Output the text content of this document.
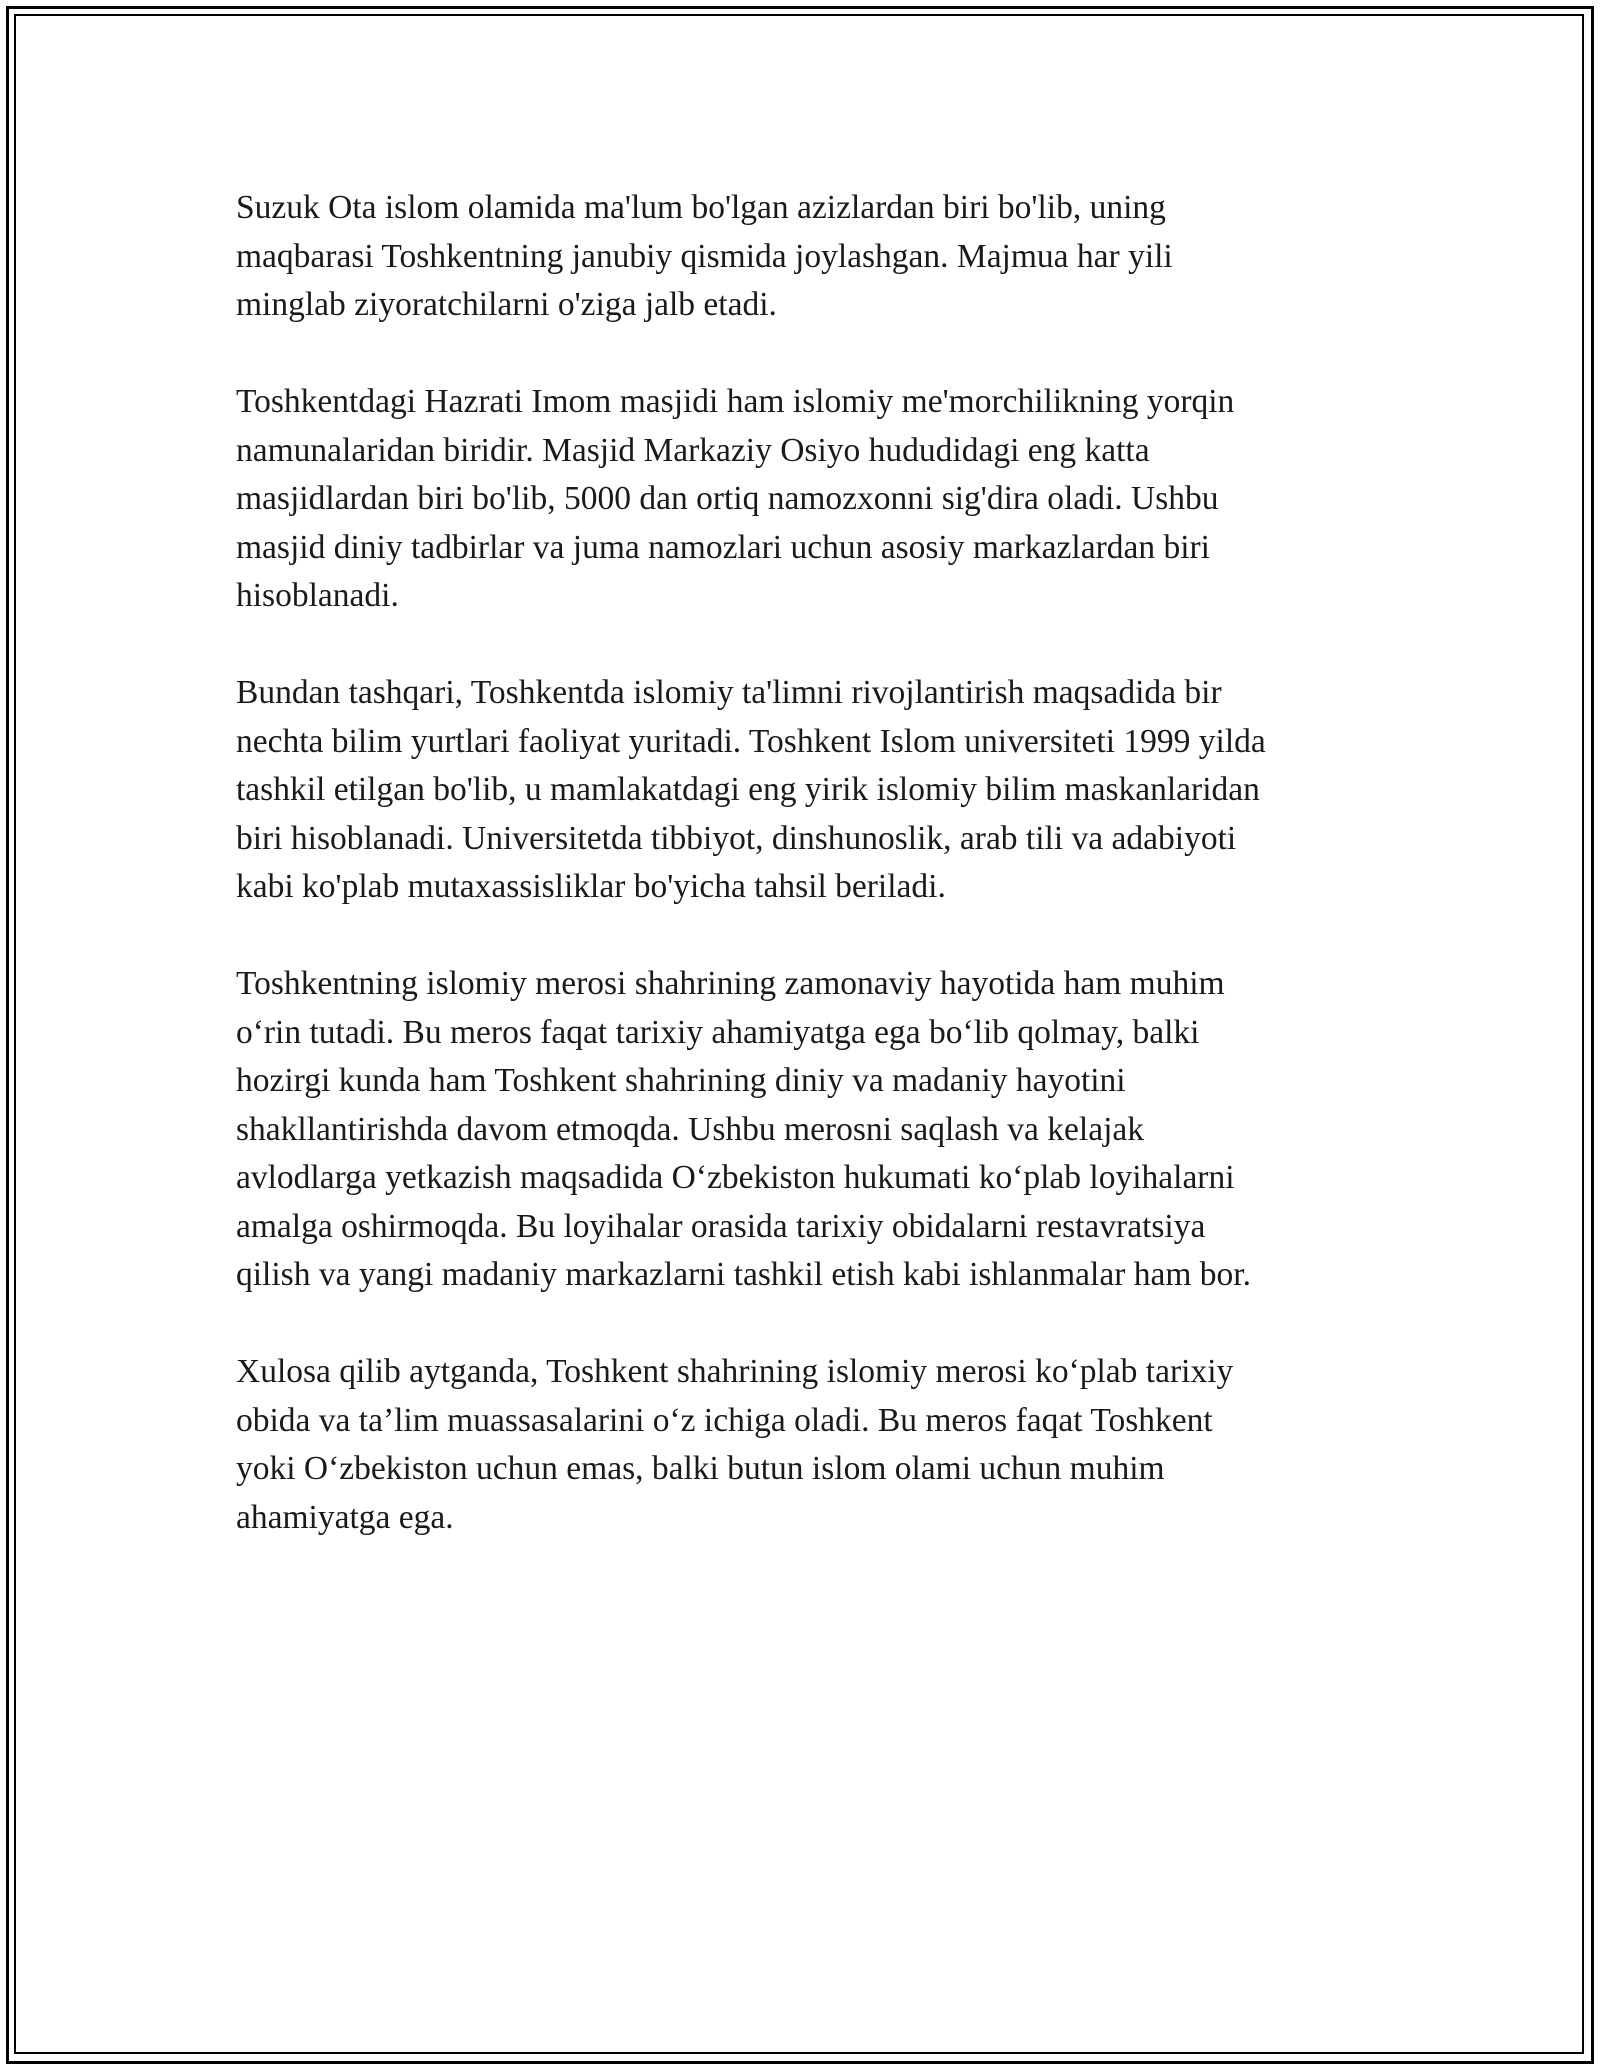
Suzuk Ota islom olamida ma'lum bo'lgan azizlardan biri bo'lib, uning
maqbarasi Toshkentning janubiy qismida joylashgan. Majmua har yili
minglab ziyoratchilarni o'ziga jalb etadi.

Toshkentdagi Hazrati Imom masjidi ham islomiy me'morchilikning yorqin
namunalaridan biridir. Masjid Markaziy Osiyo hududidagi eng katta
masjidlardan biri bo'lib, 5000 dan ortiq namozxonni sig'dira oladi. Ushbu
masjid diniy tadbirlar va juma namozlari uchun asosiy markazlardan biri
hisoblanadi.

Bundan tashqari, Toshkentda islomiy ta'limni rivojlantirish maqsadida bir
nechta bilim yurtlari faoliyat yuritadi. Toshkent Islom universiteti 1999 yilda
tashkil etilgan bo'lib, u mamlakatdagi eng yirik islomiy bilim maskanlaridan
biri hisoblanadi. Universitetda tibbiyot, dinshunoslik, arab tili va adabiyoti
kabi ko'plab mutaxassisliklar bo'yicha tahsil beriladi.

Toshkentning islomiy merosi shahrining zamonaviy hayotida ham muhim
o‘rin tutadi. Bu meros faqat tarixiy ahamiyatga ega bo‘lib qolmay, balki
hozirgi kunda ham Toshkent shahrining diniy va madaniy hayotini
shakllantirishda davom etmoqda. Ushbu merosni saqlash va kelajak
avlodlarga yetkazish maqsadida O‘zbekiston hukumati ko‘plab loyihalarni
amalga oshirmoqda. Bu loyihalar orasida tarixiy obidalarni restavratsiya
qilish va yangi madaniy markazlarni tashkil etish kabi ishlanmalar ham bor.

Xulosa qilib aytganda, Toshkent shahrining islomiy merosi ko‘plab tarixiy
obida va ta’lim muassasalarini o‘z ichiga oladi. Bu meros faqat Toshkent
yoki O‘zbekiston uchun emas, balki butun islom olami uchun muhim
ahamiyatga ega.
